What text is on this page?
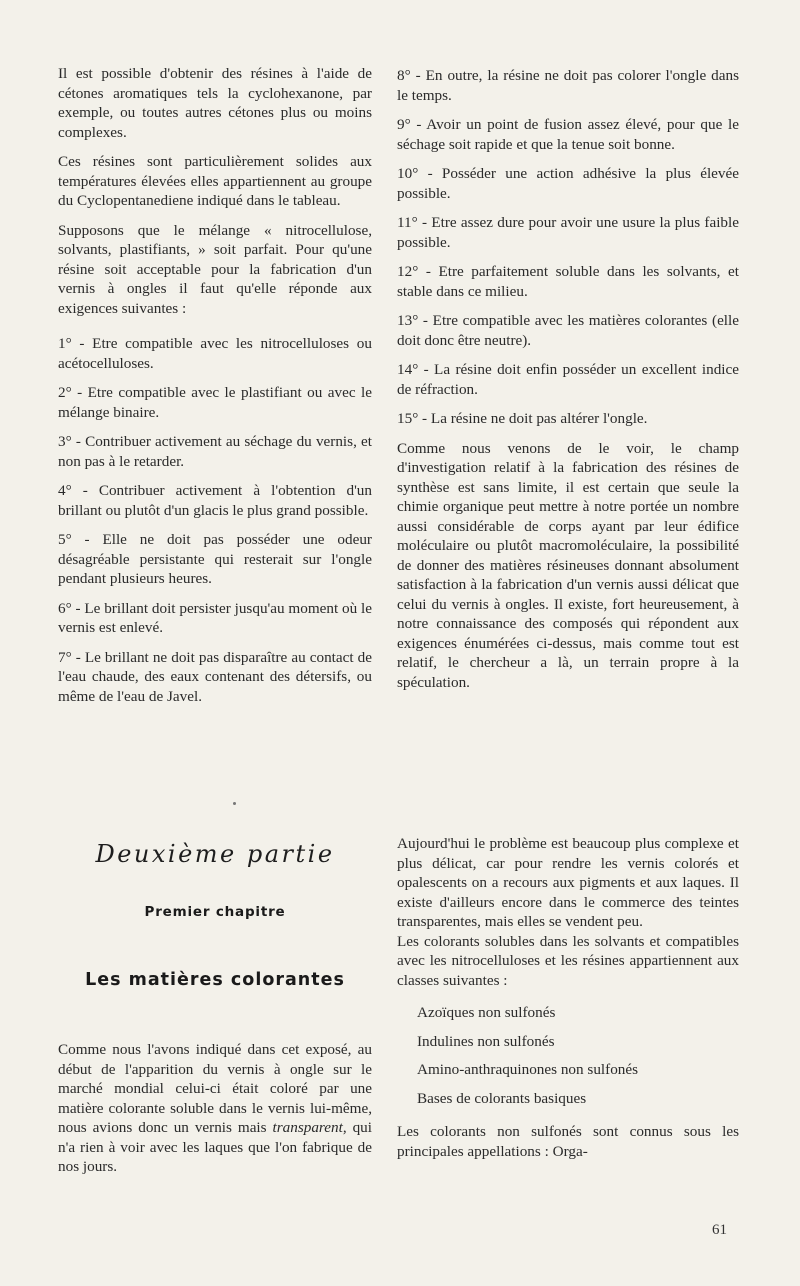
Il est possible d'obtenir des résines à l'aide de cétones aromatiques tels la cyclohexanone, par exemple, ou toutes autres cétones plus ou moins complexes.

Ces résines sont particulièrement solides aux températures élevées elles appartiennent au groupe du Cyclopentanediene indiqué dans le tableau.

Supposons que le mélange « nitrocellulose, solvants, plastifiants, » soit parfait. Pour qu'une résine soit acceptable pour la fabrication d'un vernis à ongles il faut qu'elle réponde aux exigences suivantes :

1° - Etre compatible avec les nitrocelluloses ou acétocelluloses.

2° - Etre compatible avec le plastifiant ou avec le mélange binaire.

3° - Contribuer activement au séchage du vernis, et non pas à le retarder.

4° - Contribuer activement à l'obtention d'un brillant ou plutôt d'un glacis le plus grand possible.

5° - Elle ne doit pas posséder une odeur désagréable persistante qui resterait sur l'ongle pendant plusieurs heures.

6° - Le brillant doit persister jusqu'au moment où le vernis est enlevé.

7° - Le brillant ne doit pas disparaître au contact de l'eau chaude, des eaux contenant des détersifs, ou même de l'eau de Javel.

8° - En outre, la résine ne doit pas colorer l'ongle dans le temps.

9° - Avoir un point de fusion assez élevé, pour que le séchage soit rapide et que la tenue soit bonne.

10° - Posséder une action adhésive la plus élevée possible.

11° - Etre assez dure pour avoir une usure la plus faible possible.

12° - Etre parfaitement soluble dans les solvants, et stable dans ce milieu.

13° - Etre compatible avec les matières colorantes (elle doit donc être neutre).

14° - La résine doit enfin posséder un excellent indice de réfraction.

15° - La résine ne doit pas altérer l'ongle.

Comme nous venons de le voir, le champ d'investigation relatif à la fabrication des résines de synthèse est sans limite, il est certain que seule la chimie organique peut mettre à notre portée un nombre aussi considérable de corps ayant par leur édifice moléculaire ou plutôt macromoléculaire, la possibilité de donner des matières résineuses donnant absolument satisfaction à la fabrication d'un vernis aussi délicat que celui du vernis à ongles. Il existe, fort heureusement, à notre connaissance des composés qui répondent aux exigences énumérées ci-dessus, mais comme tout est relatif, le chercheur a là, un terrain propre à la spéculation.

Deuxième partie
Premier chapitre
Les matières colorantes

Comme nous l'avons indiqué dans cet exposé, au début de l'apparition du vernis à ongle sur le marché mondial celui-ci était coloré par une matière colorante soluble dans le vernis lui-même, nous avions donc un vernis mais transparent, qui n'a rien à voir avec les laques que l'on fabrique de nos jours.

Aujourd'hui le problème est beaucoup plus complexe et plus délicat, car pour rendre les vernis colorés et opalescents on a recours aux pigments et aux laques. Il existe d'ailleurs encore dans le commerce des teintes transparentes, mais elles se vendent peu.

Les colorants solubles dans les solvants et compatibles avec les nitrocelluloses et les résines appartiennent aux classes suivantes :

Azoïques non sulfonés

Indulines non sulfonés

Amino-anthraquinones non sulfonés

Bases de colorants basiques

Les colorants non sulfonés sont connus sous les principales appellations : Orga-

61
